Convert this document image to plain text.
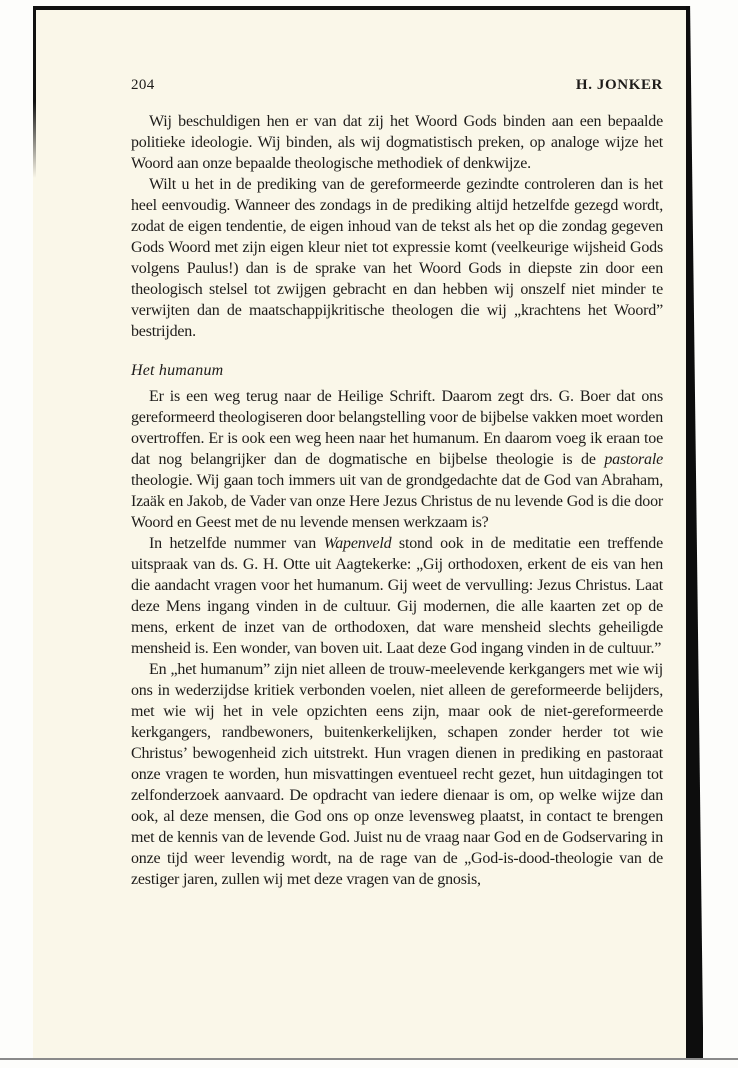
204	H. JONKER

Wij beschuldigen hen er van dat zij het Woord Gods binden aan een bepaalde politieke ideologie. Wij binden, als wij dogmatistisch preken, op analoge wijze het Woord aan onze bepaalde theologische methodiek of denkwijze.

Wilt u het in de prediking van de gereformeerde gezindte controleren dan is het heel eenvoudig. Wanneer des zondags in de prediking altijd hetzelfde gezegd wordt, zodat de eigen tendentie, de eigen inhoud van de tekst als het op die zondag gegeven Gods Woord met zijn eigen kleur niet tot expressie komt (veelkeurige wijsheid Gods volgens Paulus!) dan is de sprake van het Woord Gods in diepste zin door een theologisch stelsel tot zwijgen gebracht en dan hebben wij onszelf niet minder te verwijten dan de maatschappijkritische theologen die wij „krachtens het Woord” bestrijden.

Het humanum

Er is een weg terug naar de Heilige Schrift. Daarom zegt drs. G. Boer dat ons gereformeerd theologiseren door belangstelling voor de bijbelse vakken moet worden overtroffen. Er is ook een weg heen naar het humanum. En daarom voeg ik eraan toe dat nog belangrijker dan de dogmatische en bijbelse theologie is de pastorale theologie. Wij gaan toch immers uit van de grondgedachte dat de God van Abraham, Izaäk en Jakob, de Vader van onze Here Jezus Christus de nu levende God is die door Woord en Geest met de nu levende mensen werkzaam is?

In hetzelfde nummer van Wapenveld stond ook in de meditatie een treffende uitspraak van ds. G. H. Otte uit Aagtekerke: „Gij orthodoxen, erkent de eis van hen die aandacht vragen voor het humanum. Gij weet de vervulling: Jezus Christus. Laat deze Mens ingang vinden in de cultuur. Gij modernen, die alle kaarten zet op de mens, erkent de inzet van de orthodoxen, dat ware mensheid slechts geheiligde mensheid is. Een wonder, van boven uit. Laat deze God ingang vinden in de cultuur.”

En „het humanum” zijn niet alleen de trouw-meelevende kerkgangers met wie wij ons in wederzijdse kritiek verbonden voelen, niet alleen de gereformeerde belijders, met wie wij het in vele opzichten eens zijn, maar ook de niet-gereformeerde kerkgangers, randbewoners, buitenkerkelijken, schapen zonder herder tot wie Christus’ bewogenheid zich uitstrekt. Hun vragen dienen in prediking en pastoraat onze vragen te worden, hun misvattingen eventueel recht gezet, hun uitdagingen tot zelfonderzoek aanvaard. De opdracht van iedere dienaar is om, op welke wijze dan ook, al deze mensen, die God ons op onze levensweg plaatst, in contact te brengen met de kennis van de levende God. Juist nu de vraag naar God en de Godservaring in onze tijd weer levendig wordt, na de rage van de „God-is-dood-theologie van de zestiger jaren, zullen wij met deze vragen van de gnosis,
